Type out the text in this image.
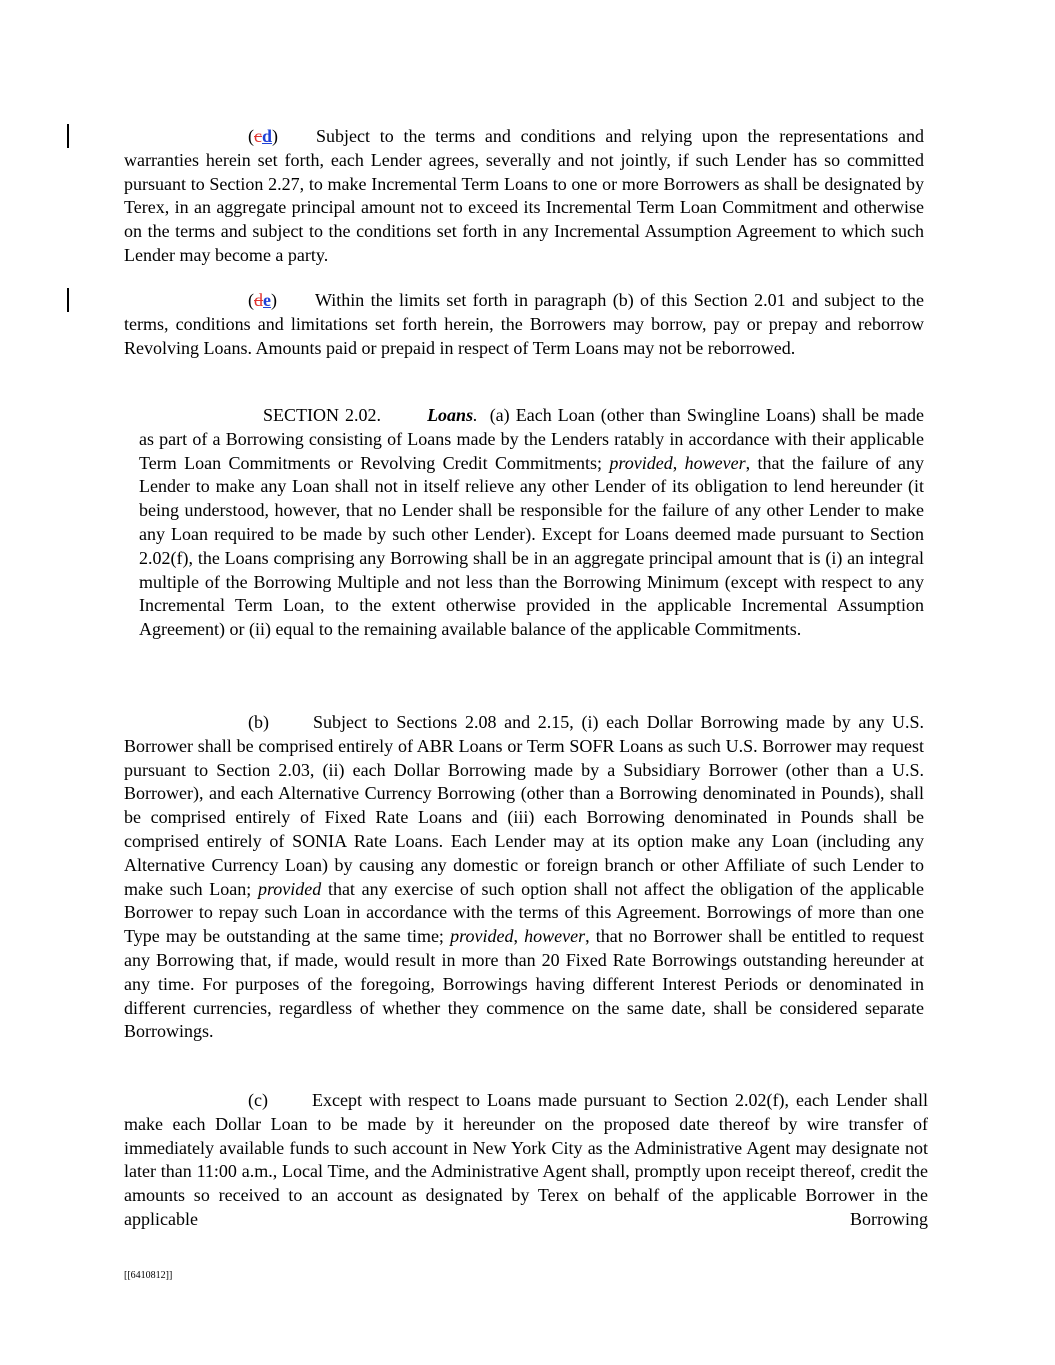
(cd) Subject to the terms and conditions and relying upon the representations and warranties herein set forth, each Lender agrees, severally and not jointly, if such Lender has so committed pursuant to Section 2.27, to make Incremental Term Loans to one or more Borrowers as shall be designated by Terex, in an aggregate principal amount not to exceed its Incremental Term Loan Commitment and otherwise on the terms and subject to the conditions set forth in any Incremental Assumption Agreement to which such Lender may become a party.

(de) Within the limits set forth in paragraph (b) of this Section 2.01 and subject to the terms, conditions and limitations set forth herein, the Borrowers may borrow, pay or prepay and reborrow Revolving Loans. Amounts paid or prepaid in respect of Term Loans may not be reborrowed.

SECTION 2.02.	Loans. (a) Each Loan (other than Swingline Loans) shall be made as part of a Borrowing consisting of Loans made by the Lenders ratably in accordance with their applicable Term Loan Commitments or Revolving Credit Commitments; provided, however, that the failure of any Lender to make any Loan shall not in itself relieve any other Lender of its obligation to lend hereunder (it being understood, however, that no Lender shall be responsible for the failure of any other Lender to make any Loan required to be made by such other Lender). Except for Loans deemed made pursuant to Section 2.02(f), the Loans comprising any Borrowing shall be in an aggregate principal amount that is (i) an integral multiple of the Borrowing Multiple and not less than the Borrowing Minimum (except with respect to any Incremental Term Loan, to the extent otherwise provided in the applicable Incremental Assumption Agreement) or (ii) equal to the remaining available balance of the applicable Commitments.

(b) Subject to Sections 2.08 and 2.15, (i) each Dollar Borrowing made by any U.S. Borrower shall be comprised entirely of ABR Loans or Term SOFR Loans as such U.S. Borrower may request pursuant to Section 2.03, (ii) each Dollar Borrowing made by a Subsidiary Borrower (other than a U.S. Borrower), and each Alternative Currency Borrowing (other than a Borrowing denominated in Pounds), shall be comprised entirely of Fixed Rate Loans and (iii) each Borrowing denominated in Pounds shall be comprised entirely of SONIA Rate Loans. Each Lender may at its option make any Loan (including any Alternative Currency Loan) by causing any domestic or foreign branch or other Affiliate of such Lender to make such Loan; provided that any exercise of such option shall not affect the obligation of the applicable Borrower to repay such Loan in accordance with the terms of this Agreement. Borrowings of more than one Type may be outstanding at the same time; provided, however, that no Borrower shall be entitled to request any Borrowing that, if made, would result in more than 20 Fixed Rate Borrowings outstanding hereunder at any time. For purposes of the foregoing, Borrowings having different Interest Periods or denominated in different currencies, regardless of whether they commence on the same date, shall be considered separate Borrowings.

(c) Except with respect to Loans made pursuant to Section 2.02(f), each Lender shall make each Dollar Loan to be made by it hereunder on the proposed date thereof by wire transfer of immediately available funds to such account in New York City as the Administrative Agent may designate not later than 11:00 a.m., Local Time, and the Administrative Agent shall, promptly upon receipt thereof, credit the amounts so received to an account as designated by Terex on behalf of the applicable Borrower in the applicable Borrowing

[[6410812]]
